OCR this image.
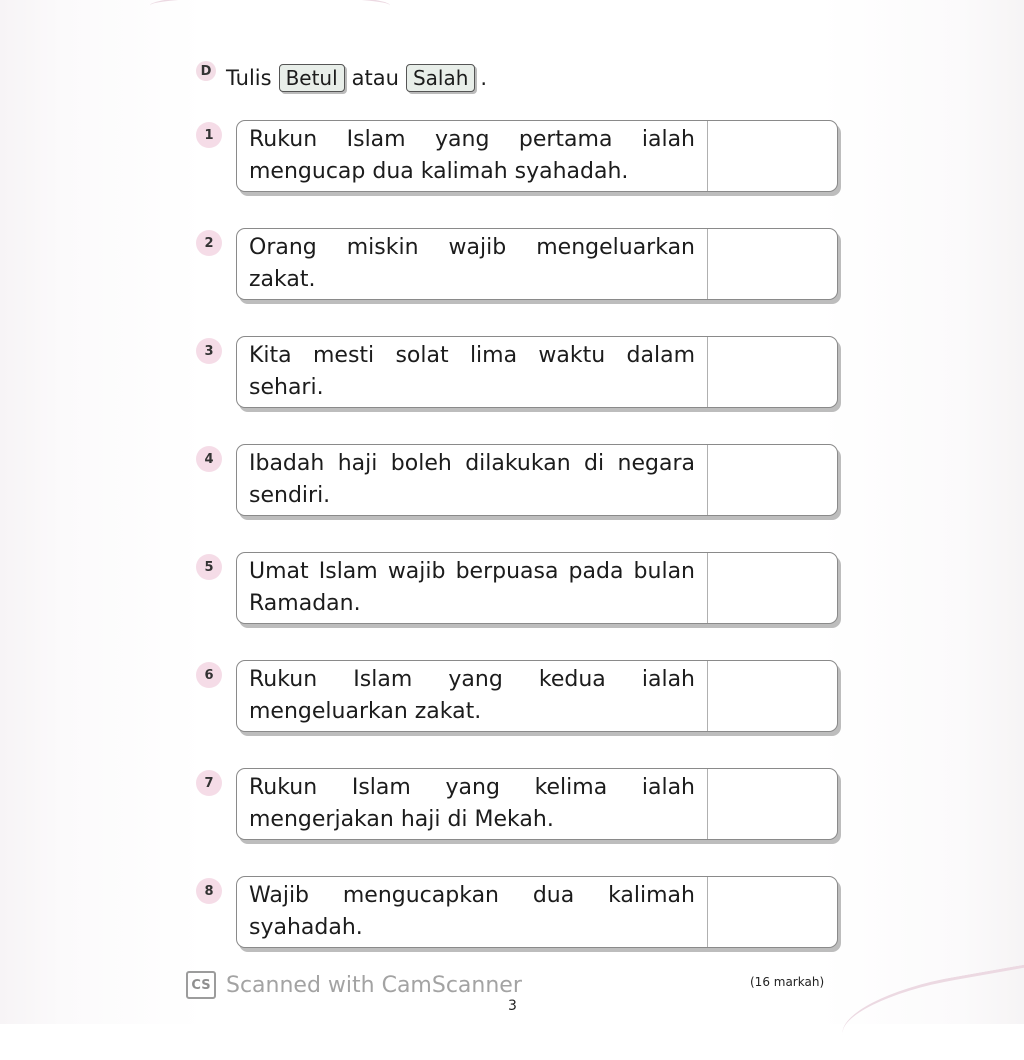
D Tulis Betul atau Salah .
1	Rukun Islam yang pertama ialah mengucap dua kalimah syahadah.
2	Orang miskin wajib mengeluarkan zakat.
3	Kita mesti solat lima waktu dalam sehari.
4	Ibadah haji boleh dilakukan di negara sendiri.
5	Umat Islam wajib berpuasa pada bulan Ramadan.
6	Rukun Islam yang kedua ialah mengeluarkan zakat.
7	Rukun Islam yang kelima ialah mengerjakan haji di Mekah.
8	Wajib mengucapkan dua kalimah syahadah.
CS Scanned with CamScanner	(16 markah)
3
